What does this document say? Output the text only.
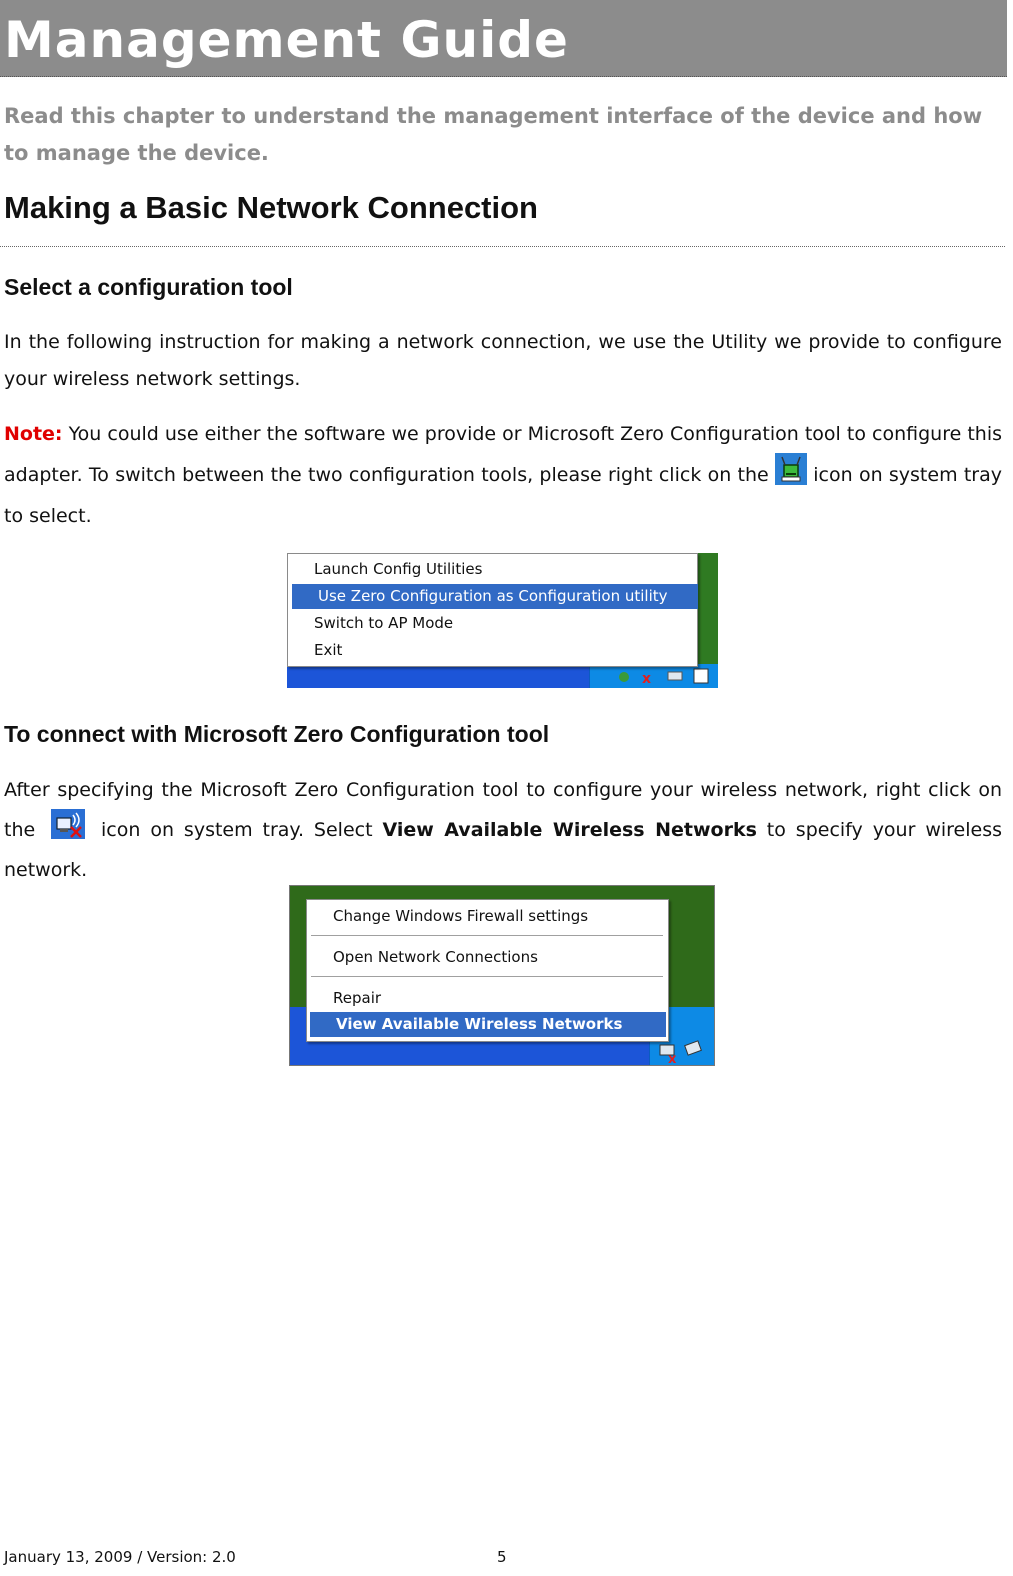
Management Guide

Read this chapter to understand the management interface of the device and how to manage the device.

Making a Basic Network Connection
Select a configuration tool

In the following instruction for making a network connection, we use the Utility we provide to configure your wireless network settings.

Note: You could use either the software we provide or Microsoft Zero Configuration tool to configure this adapter. To switch between the two configuration tools, please right click on the  icon on system tray to select.

x
Launch Config Utilities
Use Zero Configuration as Configuration utility
Switch to AP Mode
Exit
To connect with Microsoft Zero Configuration tool

After specifying the Microsoft Zero Configuration tool to configure your wireless network, right click on the  icon on system tray. Select View Available Wireless Networks to specify your wireless network.

x
Change Windows Firewall settings
Open Network Connections
Repair
View Available Wireless Networks

January 13, 2009 / Version: 2.0	5
